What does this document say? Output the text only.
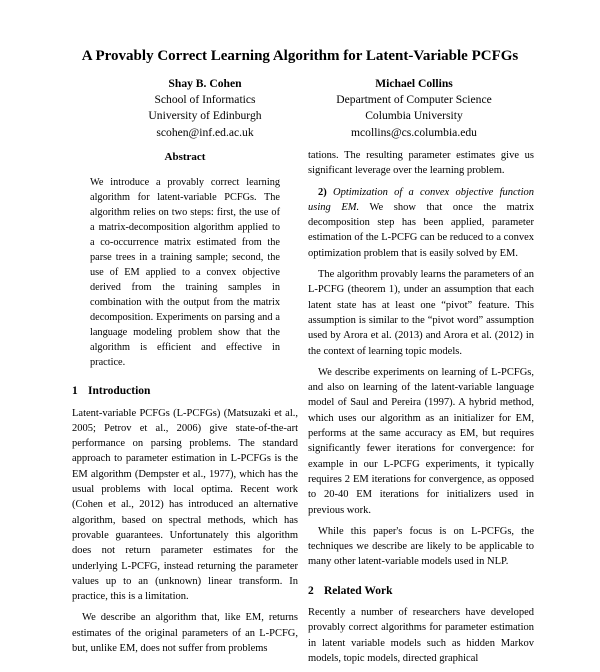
A Provably Correct Learning Algorithm for Latent-Variable PCFGs
Shay B. Cohen
School of Informatics
University of Edinburgh
scohen@inf.ed.ac.uk
Michael Collins
Department of Computer Science
Columbia University
mcollins@cs.columbia.edu
Abstract

We introduce a provably correct learning algorithm for latent-variable PCFGs. The algorithm relies on two steps: first, the use of a matrix-decomposition algorithm applied to a co-occurrence matrix estimated from the parse trees in a training sample; second, the use of EM applied to a convex objective derived from the training samples in combination with the output from the matrix decomposition. Experiments on parsing and a language modeling problem show that the algorithm is efficient and effective in practice.

1 Introduction

Latent-variable PCFGs (L-PCFGs) (Matsuzaki et al., 2005; Petrov et al., 2006) give state-of-the-art performance on parsing problems. The standard approach to parameter estimation in L-PCFGs is the EM algorithm (Dempster et al., 1977), which has the usual problems with local optima. Recent work (Cohen et al., 2012) has introduced an alternative algorithm, based on spectral methods, which has provable guarantees. Unfortunately this algorithm does not return parameter estimates for the underlying L-PCFG, instead returning the parameter values up to an (unknown) linear transform. In practice, this is a limitation.

We describe an algorithm that, like EM, returns estimates of the original parameters of an L-PCFG, but, unlike EM, does not suffer from problems

tations. The resulting parameter estimates give us significant leverage over the learning problem.

2) Optimization of a convex objective function using EM. We show that once the matrix decomposition step has been applied, parameter estimation of the L-PCFG can be reduced to a convex optimization problem that is easily solved by EM.

The algorithm provably learns the parameters of an L-PCFG (theorem 1), under an assumption that each latent state has at least one “pivot” feature. This assumption is similar to the “pivot word” assumption used by Arora et al. (2013) and Arora et al. (2012) in the context of learning topic models.

We describe experiments on learning of L-PCFGs, and also on learning of the latent-variable language model of Saul and Pereira (1997). A hybrid method, which uses our algorithm as an initializer for EM, performs at the same accuracy as EM, but requires significantly fewer iterations for convergence: for example in our L-PCFG experiments, it typically requires 2 EM iterations for convergence, as opposed to 20-40 EM iterations for initializers used in previous work.

While this paper's focus is on L-PCFGs, the techniques we describe are likely to be applicable to many other latent-variable models used in NLP.

2 Related Work

Recently a number of researchers have developed provably correct algorithms for parameter estimation in latent variable models such as hidden Markov models, topic models, directed graphical
